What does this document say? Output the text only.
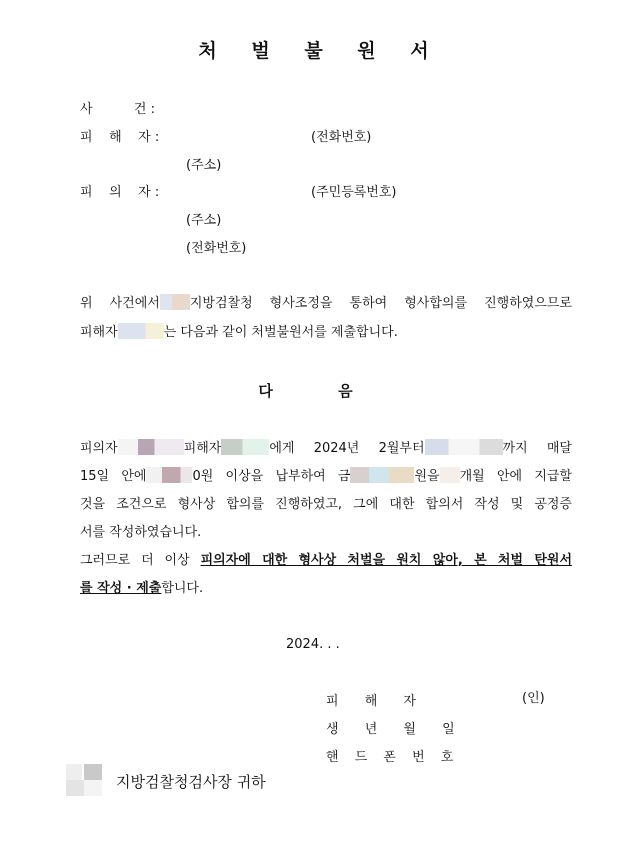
처 벌 불 원 서
사          건 :
피    해    자 :	(전화번호)
(주소)
피    의    자 :	(주민등록번호)
(주소)
(전화번호)
위 사건에서 지방검찰청 형사조정을 통하여 형사합의를 진행하였으므로
피해자	는 다음과 같이 처벌불원서를 제출합니다.
다 음
피의자	피해자	에게 2024년 2월부터	까지 매달
15일 안에	0원 이상을 납부하여 금	원을 개월 안에 지급할
것을 조건으로 형사상 합의를 진행하였고, 그에 대한 합의서 작성 및 공정증
서를 작성하였습니다.
그러므로 더 이상 피의자에 대한 형사상 처벌을 원치 않아, 본 처벌 탄원서
를 작성 · 제출합니다.
2024. . .
피 해 자	(인)
생 년 월 일
핸 드 폰 번 호
지방검찰청검사장 귀하
